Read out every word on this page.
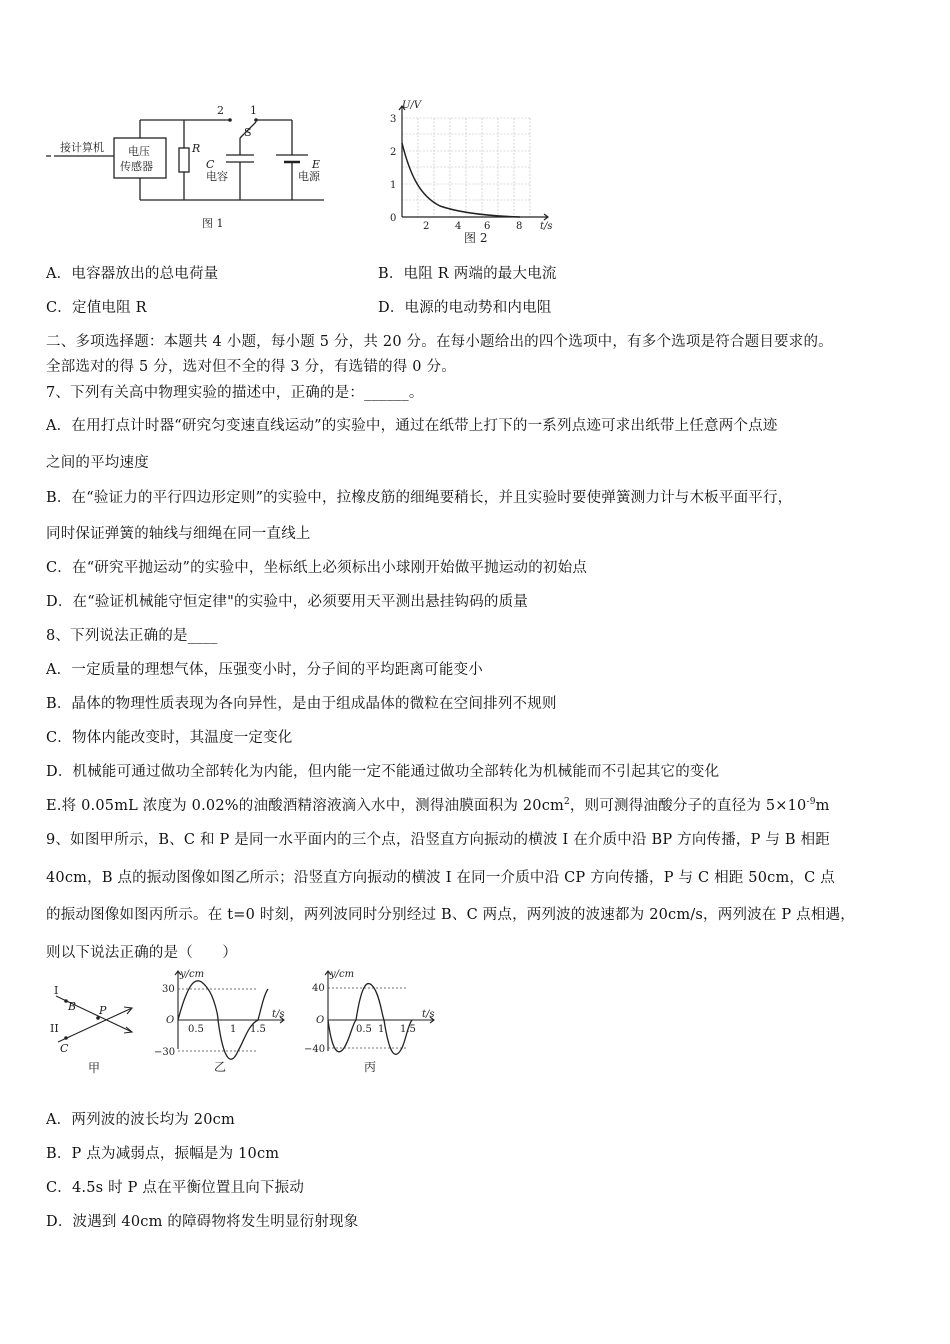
接计算机 电压
传感器
R
2 1
S
C
电容
E
电源
图 1
U/V
t/s
3
2
1
0
2	4 6	8
图 2
A．电容器放出的总电荷量	B．电阻 R 两端的最大电流
C．定值电阻 R	D．电源的电动势和内电阻
二、多项选择题：本题共 4 小题，每小题 5 分，共 20 分。在每小题给出的四个选项中，有多个选项是符合题目要求的。
全部选对的得 5 分，选对但不全的得 3 分，有选错的得 0 分。
7、下列有关高中物理实验的描述中，正确的是：______。
A．在用打点计时器“研究匀变速直线运动”的实验中，通过在纸带上打下的一系列点迹可求出纸带上任意两个点迹
之间的平均速度
B．在“验证力的平行四边形定则”的实验中，拉橡皮筋的细绳要稍长，并且实验时要使弹簧测力计与木板平面平行，
同时保证弹簧的轴线与细绳在同一直线上
C．在“研究平抛运动”的实验中，坐标纸上必须标出小球刚开始做平抛运动的初始点
D．在“验证机械能守恒定律"的实验中，必须要用天平测出悬挂钩码的质量
8、下列说法正确的是____
A．一定质量的理想气体，压强变小时，分子间的平均距离可能变小
B．晶体的物理性质表现为各向异性，是由于组成晶体的微粒在空间排列不规则
C．物体内能改变时，其温度一定变化
D．机械能可通过做功全部转化为内能，但内能一定不能通过做功全部转化为机械能而不引起其它的变化
E.将 0.05mL 浓度为 0.02%的油酸酒精溶液滴入水中，测得油膜面积为 $20cm^2$，则可测得油酸分子的直径为 $5\times 10^{-9}m$
9、如图甲所示，B、C 和 P 是同一水平面内的三个点，沿竖直方向振动的横波 I 在介质中沿 BP 方向传播，P 与 B 相距
40cm，B 点的振动图像如图乙所示；沿竖直方向振动的横波 I 在同一介质中沿 CP 方向传播，P 与 C 相距 50cm，C 点
的振动图像如图丙所示。在 t=0 时刻，两列波同时分别经过 B、C 两点，两列波的波速都为 20cm/s，两列波在 P 点相遇，
则以下说法正确的是（　　）
I
B P
II
C
甲
y/cm
30
−30
O
0.5	1 1.5
t/s
乙
y/cm
40
−40
O
0.5 1 1.5
t/s
丙
A．两列波的波长均为 20cm
B．P 点为减弱点，振幅是为 10cm
C．4.5s 时 P 点在平衡位置且向下振动
D．波遇到 40cm 的障碍物将发生明显衍射现象
